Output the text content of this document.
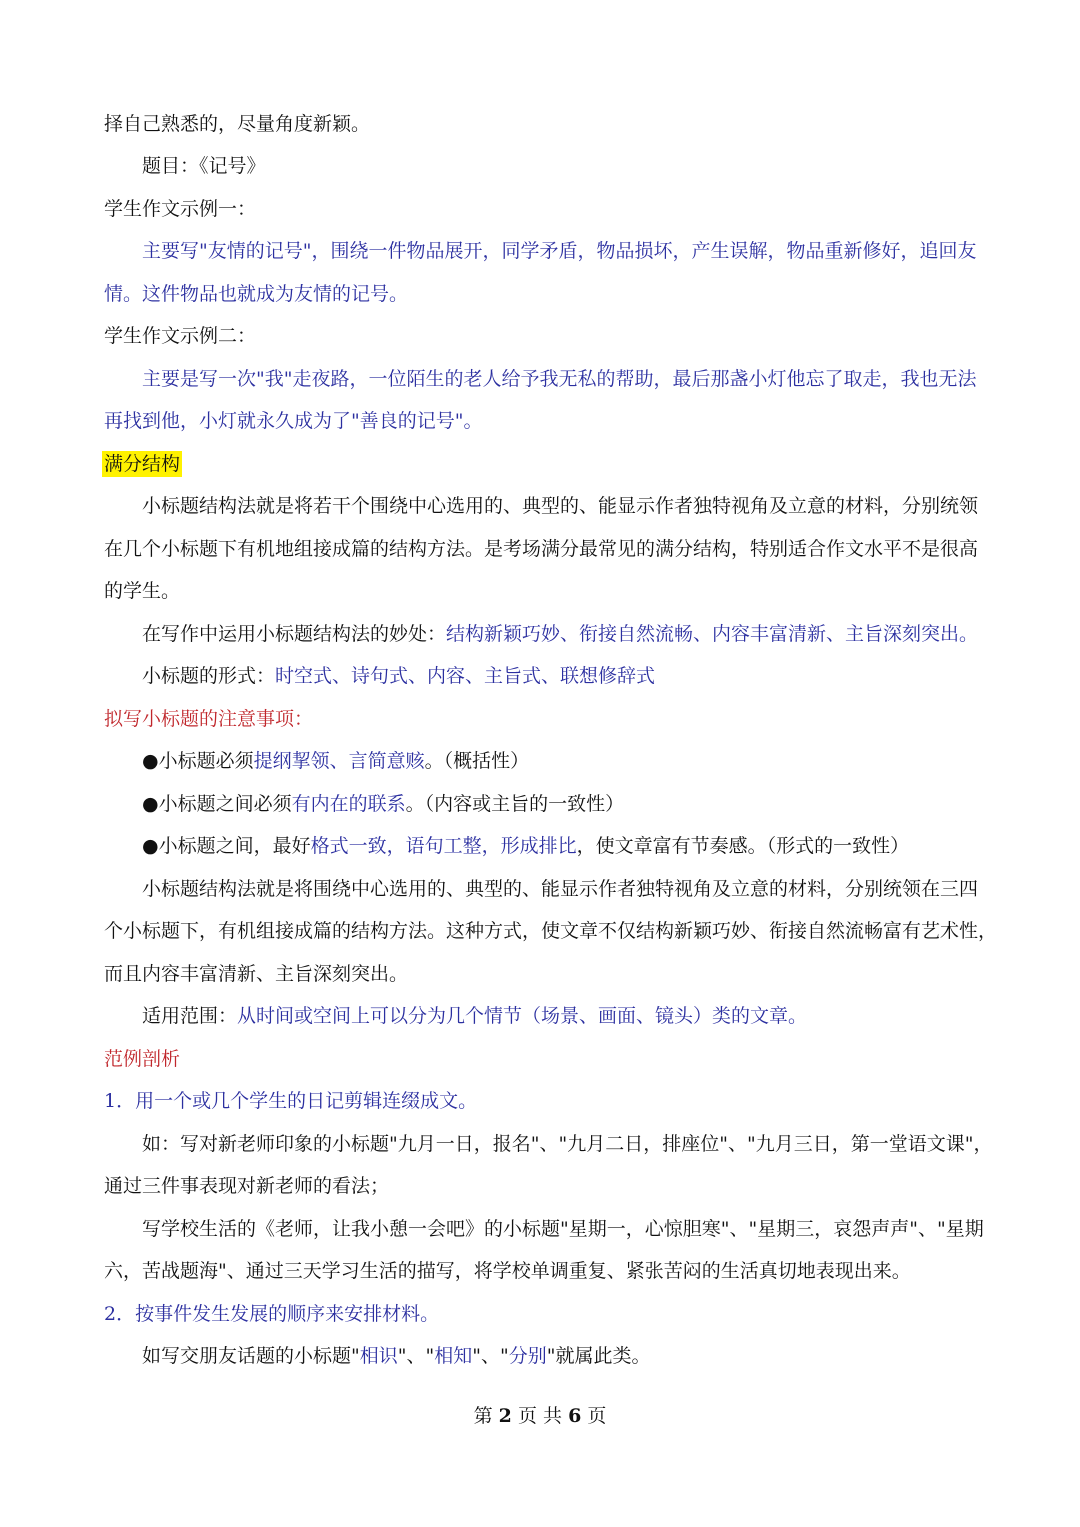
择自己熟悉的，尽量角度新颖。
题目：《记号》
学生作文示例一：
主要写"友情的记号"，围绕一件物品展开，同学矛盾，物品损坏，产生误解，物品重新修好，追回友
情。这件物品也就成为友情的记号。
学生作文示例二：
主要是写一次"我"走夜路，一位陌生的老人给予我无私的帮助，最后那盏小灯他忘了取走，我也无法
再找到他，小灯就永久成为了"善良的记号"。
满分结构
小标题结构法就是将若干个围绕中心选用的、典型的、能显示作者独特视角及立意的材料，分别统领
在几个小标题下有机地组接成篇的结构方法。是考场满分最常见的满分结构，特别适合作文水平不是很高
的学生。
在写作中运用小标题结构法的妙处：结构新颖巧妙、衔接自然流畅、内容丰富清新、主旨深刻突出。
小标题的形式：时空式、诗句式、内容、主旨式、联想修辞式
拟写小标题的注意事项：
●小标题必须提纲挈领、言简意赅。（概括性）
●小标题之间必须有内在的联系。（内容或主旨的一致性）
●小标题之间，最好格式一致，语句工整，形成排比，使文章富有节奏感。（形式的一致性）
小标题结构法就是将围绕中心选用的、典型的、能显示作者独特视角及立意的材料，分别统领在三四
个小标题下，有机组接成篇的结构方法。这种方式，使文章不仅结构新颖巧妙、衔接自然流畅富有艺术性，
而且内容丰富清新、主旨深刻突出。
适用范围：从时间或空间上可以分为几个情节（场景、画面、镜头）类的文章。
范例剖析
1．用一个或几个学生的日记剪辑连缀成文。
如：写对新老师印象的小标题"九月一日，报名"、"九月二日，排座位"、"九月三日，第一堂语文课"，
通过三件事表现对新老师的看法；
写学校生活的《老师，让我小憩一会吧》的小标题"星期一，心惊胆寒"、"星期三，哀怨声声"、"星期
六，苦战题海"、通过三天学习生活的描写，将学校单调重复、紧张苦闷的生活真切地表现出来。
2．按事件发生发展的顺序来安排材料。
如写交朋友话题的小标题"相识"、"相知"、"分别"就属此类。
第 2 页 共 6 页
